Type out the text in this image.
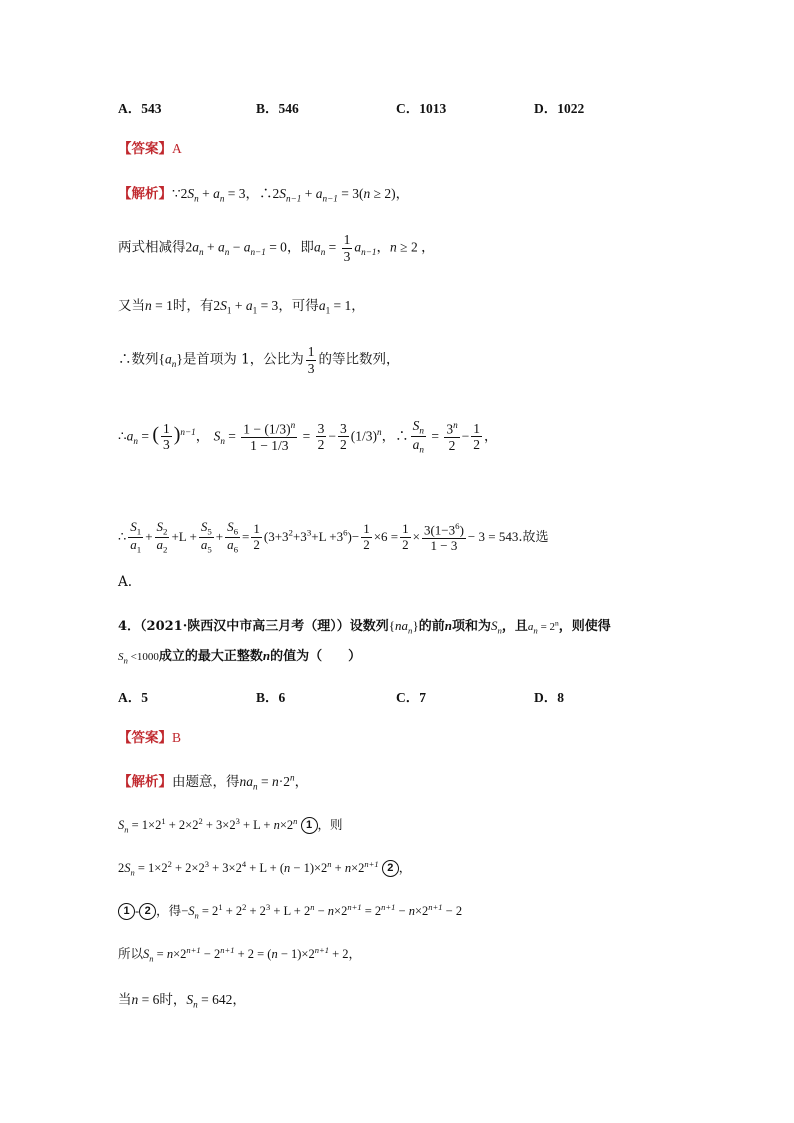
A．543	B．546	C．1013	D．1022
【答案】A
【解析】$\because 2S_n + a_n = 3$，$\therefore 2S_{n-1} + a_{n-1} = 3(n \ge 2)$，
两式相减得$2a_n + a_n - a_{n-1} = 0$，即$a_n = \frac{1}{3} a_{n-1}$，n ≥ 2 ，
又当n = 1时，有$2S_1 + a_1 = 3$，可得$a_1 = 1$，
∴数列$\{a_n\}$是首项为 1，公比为 $\frac{1}{3}$ 的等比数列，
$\therefore a_n$ = ( $\frac{1}{3} )^{n-1}$， $S_n = \frac{1 - (1/3)^n}{1 - 1/3} = \frac{3}{2} - \frac{3}{2} (1/3)^n$，∴ $\frac{S_n}{a_n} = \frac{3^n}{2} - \frac{1}{2}$ ，
∴ $\frac{S_1}{a_1} + \frac{S_2}{a_2} +L + \frac{S_5}{a_5} + \frac{S_6}{a_6} = \frac{1}{2} (3+3^2+3^3+L +3^6)- \frac{1}{2} \times 6 = \frac{1}{2} \times \frac{3(1-3^6)}{1 - 3} - 3 = 543$.故选
A.
4．（2021·陕西汉中市高三月考（理））设数列$\{na_n\}$的前n项和为$S_n$，且$a_n = 2^n$，则使得
$S_n <1000$成立的最大正整数n的值为（　　）
A．5	B．6	C．7	D．8
【答案】B
【解析】由题意，得$na_n = n\cdot 2^n$，
$S_n = 1\times 2^1 + 2\times 2^2 + 3\times 2^3 + L + n\times 2^n$ 1 ，则
$2S_n = 1\times 2^2 + 2\times 2^3 + 3\times 2^4 + L + (n - 1)\times 2^n + n\times 2^{n+1}$ 2 ，
1 - 2 ，得$-S_n = 2^1 + 2^2 + 2^3 + L + 2^n - n\times 2^{n+1} = 2^{n+1} - n\times 2^{n+1} - 2$
所以$S_n = n\times 2^{n+1} - 2^{n+1} + 2 = (n - 1)\times 2^{n+1} + 2$，
当n = 6时，$S_n = 642$，
